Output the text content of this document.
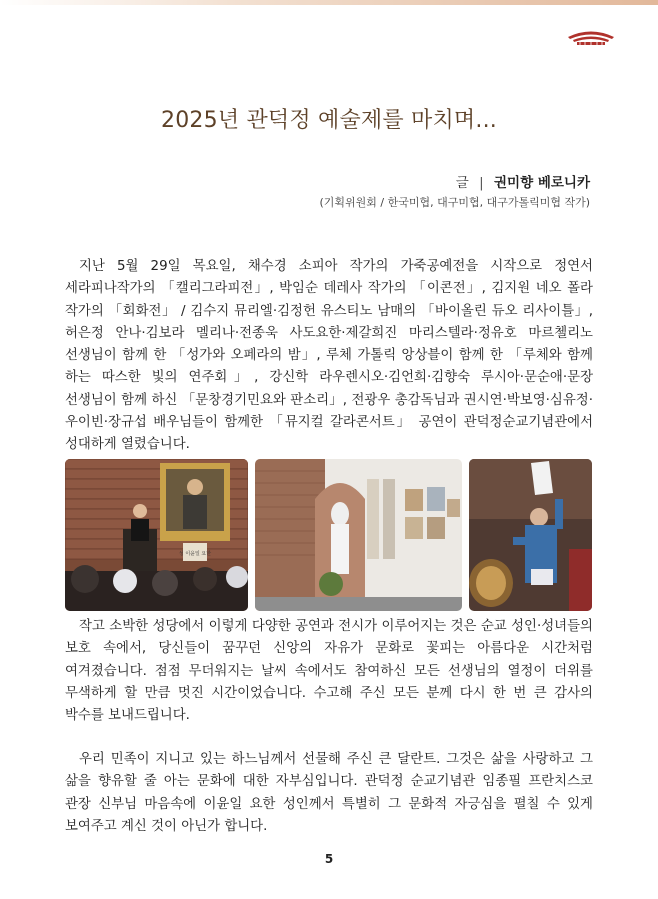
2025년 관덕정 예술제를 마치며...
글 | 권미향 베로니카
(기획위원회 / 한국미협, 대구미협, 대구가톨릭미협 작가)

지난 5월 29일 목요일, 채수경 소피아 작가의 가죽공예전을 시작으로 정연서 세라피나작가의 「캘리그라피전」, 박임순 데레사 작가의 「이콘전」, 김지원 네오 폴라 작가의 「회화전」 / 김수지 뮤리엘·김정헌 유스티노 남매의 「바이올린 듀오 리사이틀」, 허은정 안나·김보라 멜리나·전종욱 사도요한·제갈희진 마리스텔라·정유호 마르첼리노 선생님이 함께 한 「성가와 오페라의 밤」, 루체 가톨릭 앙상블이 함께 한 「루체와 함께 하는 따스한 빛의 연주회」, 강신학 라우렌시오·김언희·김향숙 루시아·문순애·문장 선생님이 함께 하신 「문창경기민요와 판소리」, 전광우 총감독님과 권시연·박보영·심유정·우이빈·장규섭 배우님들이 함께한 「뮤지컬 갈라콘서트」 공연이 관덕정순교기념관에서 성대하게 열렸습니다.

성 이윤일 요한

작고 소박한 성당에서 이렇게 다양한 공연과 전시가 이루어지는 것은 순교 성인·성녀들의 보호 속에서, 당신들이 꿈꾸던 신앙의 자유가 문화로 꽃피는 아름다운 시간처럼 여겨졌습니다. 점점 무더워지는 날씨 속에서도 참여하신 모든 선생님의 열정이 더위를 무색하게 할 만큼 멋진 시간이었습니다. 수고해 주신 모든 분께 다시 한 번 큰 감사의 박수를 보내드립니다.

우리 민족이 지니고 있는 하느님께서 선물해 주신 큰 달란트. 그것은 삶을 사랑하고 그 삶을 향유할 줄 아는 문화에 대한 자부심입니다. 관덕정 순교기념관 임종필 프란치스코 관장 신부님 마음속에 이윤일 요한 성인께서 특별히 그 문화적 자긍심을 펼칠 수 있게 보여주고 계신 것이 아닌가 합니다.

5
